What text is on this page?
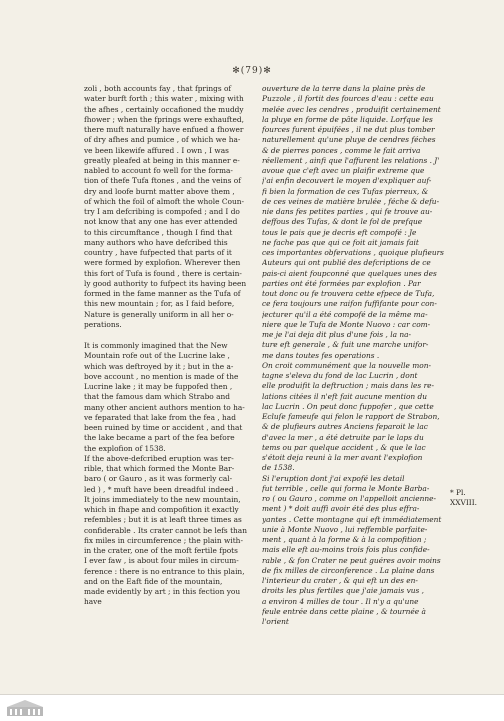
✻(79)✻
zoli , both accounts fay , that fprings of
water burft forth ; this water , mixing with
the afhes , certainly occafioned the muddy
fhower ; when the fprings were exhaufted,
there muft naturally have enfued a fhower
of dry afhes and pumice , of which we ha-
ve been likewife affured . I own , I was
greatly pleafed at being in this manner e-
nabled to account fo well for the forma-
tion of thefe Tufa ftones , and the veins of
dry and loofe burnt matter above them ,
of which the foil of almoft the whole Coun-
try I am defcribing is compofed ; and I do
not know that any one has ever attended
to this circumftance , though I find that
many authors who have defcribed this
country , have fufpected that parts of it
were formed by explofion. Wherever then
this fort of Tufa is found , there is certain-
ly good authority to fufpect its having been
formed in the fame manner as the Tufa of
this new mountain ; for, as I faid before,
Nature is generally uniform in all her o-
perations.
It is commonly imagined that the New
Mountain rofe out of the Lucrine lake ,
which was deftroyed by it ; but in the a-
bove account , no mention is made of the
Lucrine lake ; it may be fuppofed then ,
that the famous dam which Strabo and
many other ancient authors mention to ha-
ve feparated that lake from the fea , had
been ruined by time or accident , and that
the lake became a part of the fea before
the explofion of 1538.
If the above-defcribed eruption was ter-
rible, that which formed the Monte Bar-
baro ( or Gauro , as it was formerly cal-
led ) , * muft have been dreadful indeed .
It joins immediately to the new mountain,
which in fhape and compofition it exactly
refembles ; but it is at leaft three times as
confiderable . Its crater cannot be lefs than
fix miles in circumference ; the plain with-
in the crater, one of the moft fertile fpots
I ever faw , is about four miles in circum-
ference : there is no entrance to this plain,
and on the Eaft fide of the mountain,
made evidently by art ; in this fection you
have
ouverture de la terre dans la plaine près de
Puzzole , il fortit des fources d'eau : cette eau
melée avec les cendres , produifit certainement
la pluye en forme de pâte liquide. Lorfque les
fources furent épuifées , il ne dut plus tomber
naturellement qu'une pluye de cendres féches
& de pierres ponces , comme le fait arriva
réellement , ainfi que l'affurent les relations . J'
avoue que c'eft avec un plaifir extreme que
j'ai enfin decouvert le moyen d'expliquer auf-
fi bien la formation de ces Tufas pierreux, &
de ces veines de matière brulée , féche & defu-
nie dans fes petites parties , qui fe trouve au-
deffous des Tufas, & dont le fol de prefque
tous le pais que je decris eft compofé : Je
ne fache pas que qui ce foit ait jamais fait
ces importantes obfervations , quoique plufieurs
Auteurs qui ont publié des defcriptions de ce
pais-ci aient foupconné que quelques unes des
parties ont été formées par explofion . Par
tout donc ou fe trouvera cette efpece de Tufa,
ce fera toujours une raifon fuffifante pour con-
jecturer qu'il a été compofé de la même ma-
niere que le Tufa de Monte Nuovo : car com-
me je l'ai deja dit plus d'une fois , la na-
ture eft generale , & fuit une marche unifor-
me dans toutes fes operations .
On croit communément que la nouvelle mon-
tagne s'eleva du fond de lac Lucrin , dont
elle produifit la deftruction ; mais dans les re-
lations citées il n'eft fait aucune mention du
lac Lucrin . On peut donc fuppofer , que cette
Ecluſe fameufe qui felon le rapport de Strabon,
& de plufieurs autres Anciens feparoit le lac
d'avec la mer , a été detruite par le laps du
tems ou par quelque accident , & que le lac
s'étoit deja reuni à la mer avant l'explofion
de 1538.
Si l'eruption dont j'ai expofé les detail
fut terrible , celle qui forma le Monte Barba-
ro ( ou Gauro , comme on l'appelloit ancienne-
ment ) * doit auffi avoir été des plus effra-
yantes . Cette montagne qui eft immédiatement
unie à Monte Nuovo , lui reffemble parfaite-
ment , quant à la forme & à la compofition ;
mais elle eft au-moins trois fois plus confide-
rable , & fon Crater ne peut guéres avoir moins
de fix milles de circonference . La plaine dans
l'interieur du crater , & qui eft un des en-
droits les plus fertiles que j'aie jamais vus ,
a environ 4 milles de tour . Il n'y a qu'une
feule entrée dans cette plaine , & tournée à
l'orient
* Pl.
XXVIII.
